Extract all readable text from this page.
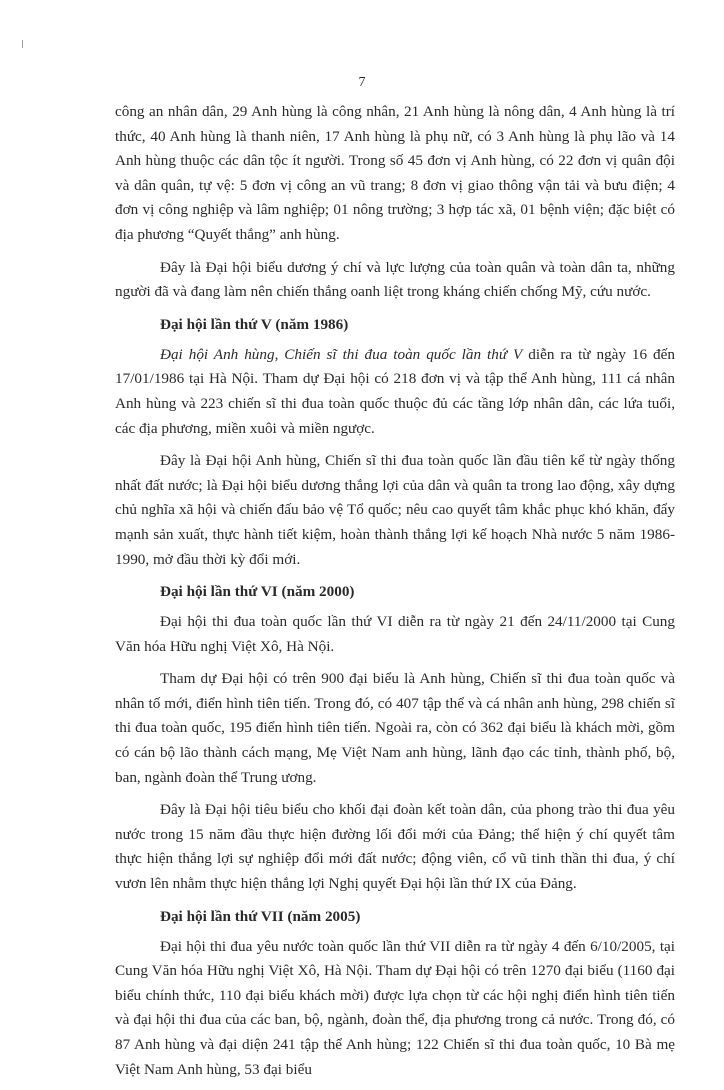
7

công an nhân dân, 29 Anh hùng là công nhân, 21 Anh hùng là nông dân, 4 Anh hùng là trí thức, 40 Anh hùng là thanh niên, 17 Anh hùng là phụ nữ, có 3 Anh hùng là phụ lão và 14 Anh hùng thuộc các dân tộc ít người. Trong số 45 đơn vị Anh hùng, có 22 đơn vị quân đội và dân quân, tự vệ: 5 đơn vị công an vũ trang; 8 đơn vị giao thông vận tải và bưu điện; 4 đơn vị công nghiệp và lâm nghiệp; 01 nông trường; 3 hợp tác xã, 01 bệnh viện; đặc biệt có địa phương “Quyết thắng” anh hùng.

Đây là Đại hội biểu dương ý chí và lực lượng của toàn quân và toàn dân ta, những người đã và đang làm nên chiến thắng oanh liệt trong kháng chiến chống Mỹ, cứu nước.

Đại hội lần thứ V (năm 1986)

Đại hội Anh hùng, Chiến sĩ thi đua toàn quốc lần thứ V diễn ra từ ngày 16 đến 17/01/1986 tại Hà Nội. Tham dự Đại hội có 218 đơn vị và tập thể Anh hùng, 111 cá nhân Anh hùng và 223 chiến sĩ thi đua toàn quốc thuộc đủ các tầng lớp nhân dân, các lứa tuổi, các địa phương, miền xuôi và miền ngược.

Đây là Đại hội Anh hùng, Chiến sĩ thi đua toàn quốc lần đầu tiên kể từ ngày thống nhất đất nước; là Đại hội biểu dương thắng lợi của dân và quân ta trong lao động, xây dựng chủ nghĩa xã hội và chiến đấu bảo vệ Tổ quốc; nêu cao quyết tâm khắc phục khó khăn, đẩy mạnh sản xuất, thực hành tiết kiệm, hoàn thành thắng lợi kế hoạch Nhà nước 5 năm 1986-1990, mở đầu thời kỳ đổi mới.

Đại hội lần thứ VI (năm 2000)

Đại hội thi đua toàn quốc lần thứ VI diễn ra từ ngày 21 đến 24/11/2000 tại Cung Văn hóa Hữu nghị Việt Xô, Hà Nội.

Tham dự Đại hội có trên 900 đại biểu là Anh hùng, Chiến sĩ thi đua toàn quốc và nhân tố mới, điển hình tiên tiến. Trong đó, có 407 tập thể và cá nhân anh hùng, 298 chiến sĩ thi đua toàn quốc, 195 điển hình tiên tiến. Ngoài ra, còn có 362 đại biểu là khách mời, gồm có cán bộ lão thành cách mạng, Mẹ Việt Nam anh hùng, lãnh đạo các tỉnh, thành phố, bộ, ban, ngành đoàn thể Trung ương.

Đây là Đại hội tiêu biểu cho khối đại đoàn kết toàn dân, của phong trào thi đua yêu nước trong 15 năm đầu thực hiện đường lối đổi mới của Đảng; thể hiện ý chí quyết tâm thực hiện thắng lợi sự nghiệp đổi mới đất nước; động viên, cổ vũ tinh thần thi đua, ý chí vươn lên nhằm thực hiện thắng lợi Nghị quyết Đại hội lần thứ IX của Đảng.

Đại hội lần thứ VII (năm 2005)

Đại hội thi đua yêu nước toàn quốc lần thứ VII diễn ra từ ngày 4 đến 6/10/2005, tại Cung Văn hóa Hữu nghị Việt Xô, Hà Nội. Tham dự Đại hội có trên 1270 đại biểu (1160 đại biểu chính thức, 110 đại biểu khách mời) được lựa chọn từ các hội nghị điển hình tiên tiến và đại hội thi đua của các ban, bộ, ngành, đoàn thể, địa phương trong cả nước. Trong đó, có 87 Anh hùng và đại diện 241 tập thể Anh hùng; 122 Chiến sĩ thi đua toàn quốc, 10 Bà mẹ Việt Nam Anh hùng, 53 đại biểu
